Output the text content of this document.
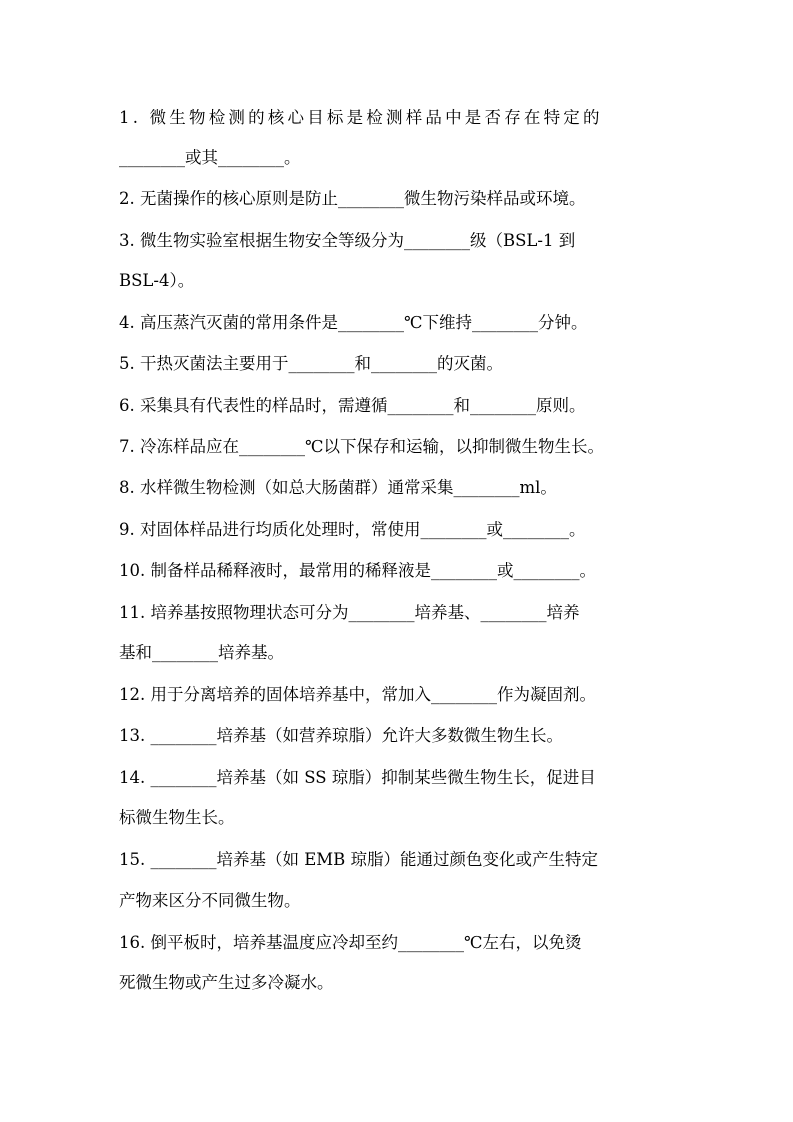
1. 微生物检测的核心目标是检测样品中是否存在特定的
________或其________。
2. 无菌操作的核心原则是防止________微生物污染样品或环境。
3. 微生物实验室根据生物安全等级分为________级（BSL-1 到
BSL-4）。
4. 高压蒸汽灭菌的常用条件是________℃下维持________分钟。
5. 干热灭菌法主要用于________和________的灭菌。
6. 采集具有代表性的样品时，需遵循________和________原则。
7. 冷冻样品应在________℃以下保存和运输，以抑制微生物生长。
8. 水样微生物检测（如总大肠菌群）通常采集________ml。
9. 对固体样品进行均质化处理时，常使用________或________。
10. 制备样品稀释液时，最常用的稀释液是________或________。
11. 培养基按照物理状态可分为________培养基、________培养
基和________培养基。
12. 用于分离培养的固体培养基中，常加入________作为凝固剂。
13. ________培养基（如营养琼脂）允许大多数微生物生长。
14. ________培养基（如 SS 琼脂）抑制某些微生物生长，促进目
标微生物生长。
15. ________培养基（如 EMB 琼脂）能通过颜色变化或产生特定
产物来区分不同微生物。
16. 倒平板时，培养基温度应冷却至约________℃左右，以免烫
死微生物或产生过多冷凝水。
